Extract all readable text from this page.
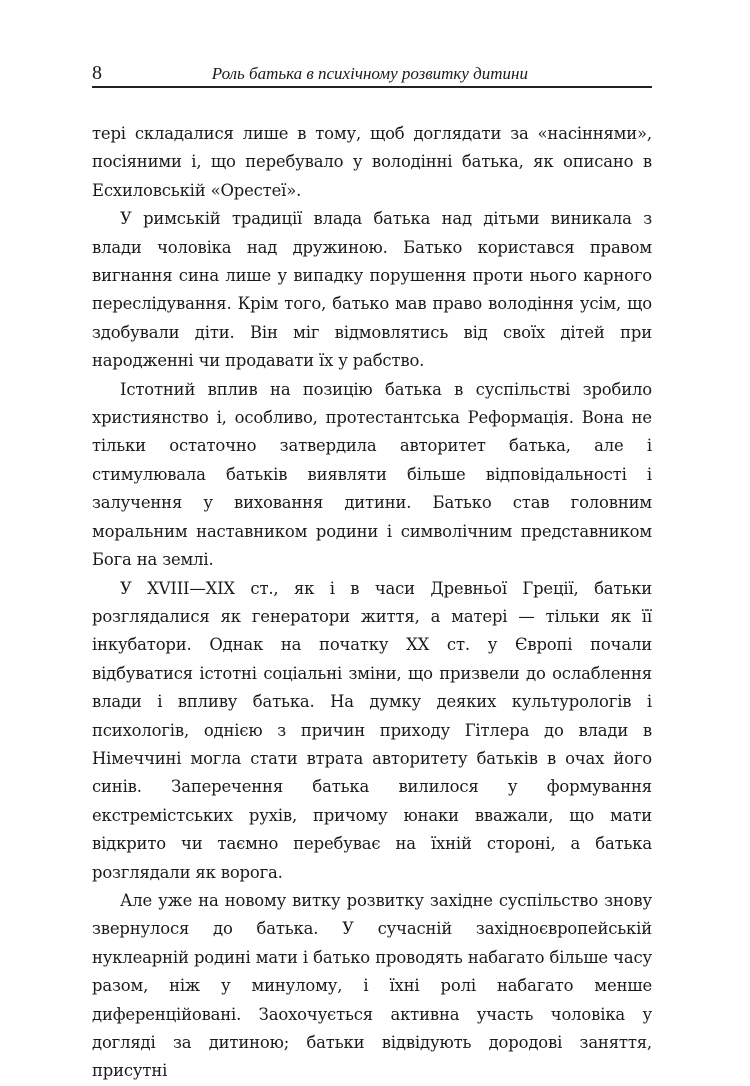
8	Роль батька в психічному розвитку дитини

тері складалися лише в тому, щоб доглядати за «насіннями», посіяними і, що перебувало у володінні батька, як описано в Есхиловській «Орестеї».

У римській традиції влада батька над дітьми виникала з влади чоловіка над дружиною. Батько користався правом вигнання сина лише у випадку порушення проти нього карного переслідування. Крім того, батько мав право володіння усім, що здобували діти. Він міг відмовлятись від своїх дітей при народженні чи продавати їх у рабство.

Істотний вплив на позицію батька в суспільстві зробило християнство і, особливо, протестантська Реформація. Вона не тільки остаточно затвердила авторитет батька, але і стимулювала батьків виявляти більше відповідальності і залучення у виховання дитини. Батько став головним моральним наставником родини і символічним представником Бога на землі.

У XVIII—XIX ст., як і в часи Древньої Греції, батьки розглядалися як генератори життя, а матері — тільки як її інкубатори. Однак на початку XX ст. у Європі почали відбуватися істотні соціальні зміни, що призвели до ослаблення влади і впливу батька. На думку деяких культурологів і психологів, однією з причин приходу Гітлера до влади в Німеччині могла стати втрата авторитету батьків в очах його синів. Заперечення батька вилилося у формування екстремістських рухів, причому юнаки вважали, що мати відкрито чи таємно перебуває на їхній стороні, а батька розглядали як ворога.

Але уже на новому витку розвитку західне суспільство знову звернулося до батька. У сучасній західноєвропейській нуклеарній родині мати і батько проводять набагато більше часу разом, ніж у минулому, і їхні ролі набагато менше диференційовані. Заохочується активна участь чоловіка у догляді за дитиною; батьки відвідують дородові заняття, присутні
